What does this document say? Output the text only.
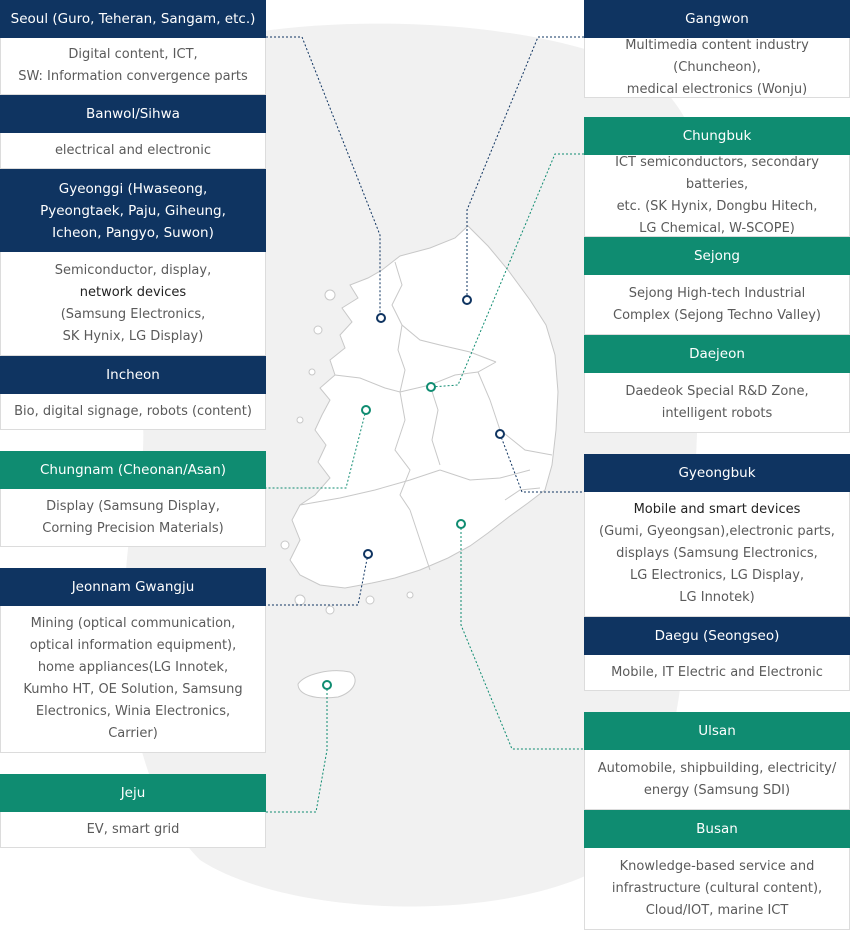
Seoul (Guro, Teheran, Sangam, etc.)
Digital content, ICT,
SW: Information convergence parts
Banwol/Sihwa
electrical and electronic
Gyeonggi (Hwaseong,
Pyeongtaek, Paju, Giheung,
Icheon, Pangyo, Suwon)
Semiconductor, display,
network devices
(Samsung Electronics,
SK Hynix, LG Display)
Incheon
Bio, digital signage, robots (content)
Chungnam (Cheonan/Asan)
Display (Samsung Display,
Corning Precision Materials)
Jeonnam Gwangju
Mining (optical communication,
optical information equipment),
home appliances(LG Innotek,
Kumho HT, OE Solution, Samsung
Electronics, Winia Electronics,
Carrier)
Jeju
EV, smart grid
Gangwon
Multimedia content industry (Chuncheon),
medical electronics (Wonju)
Chungbuk
ICT semiconductors, secondary batteries,
etc. (SK Hynix, Dongbu Hitech,
LG Chemical, W-SCOPE)
Sejong
Sejong High-tech Industrial
Complex (Sejong Techno Valley)
Daejeon
Daedeok Special R&D Zone,
intelligent robots
Gyeongbuk
Mobile and smart devices
(Gumi, Gyeongsan),electronic parts,
displays (Samsung Electronics,
LG Electronics, LG Display,
LG Innotek)
Daegu (Seongseo)
Mobile, IT Electric and Electronic
Ulsan
Automobile, shipbuilding, electricity/
energy (Samsung SDI)
Busan
Knowledge-based service and
infrastructure (cultural content),
Cloud/IOT, marine ICT
